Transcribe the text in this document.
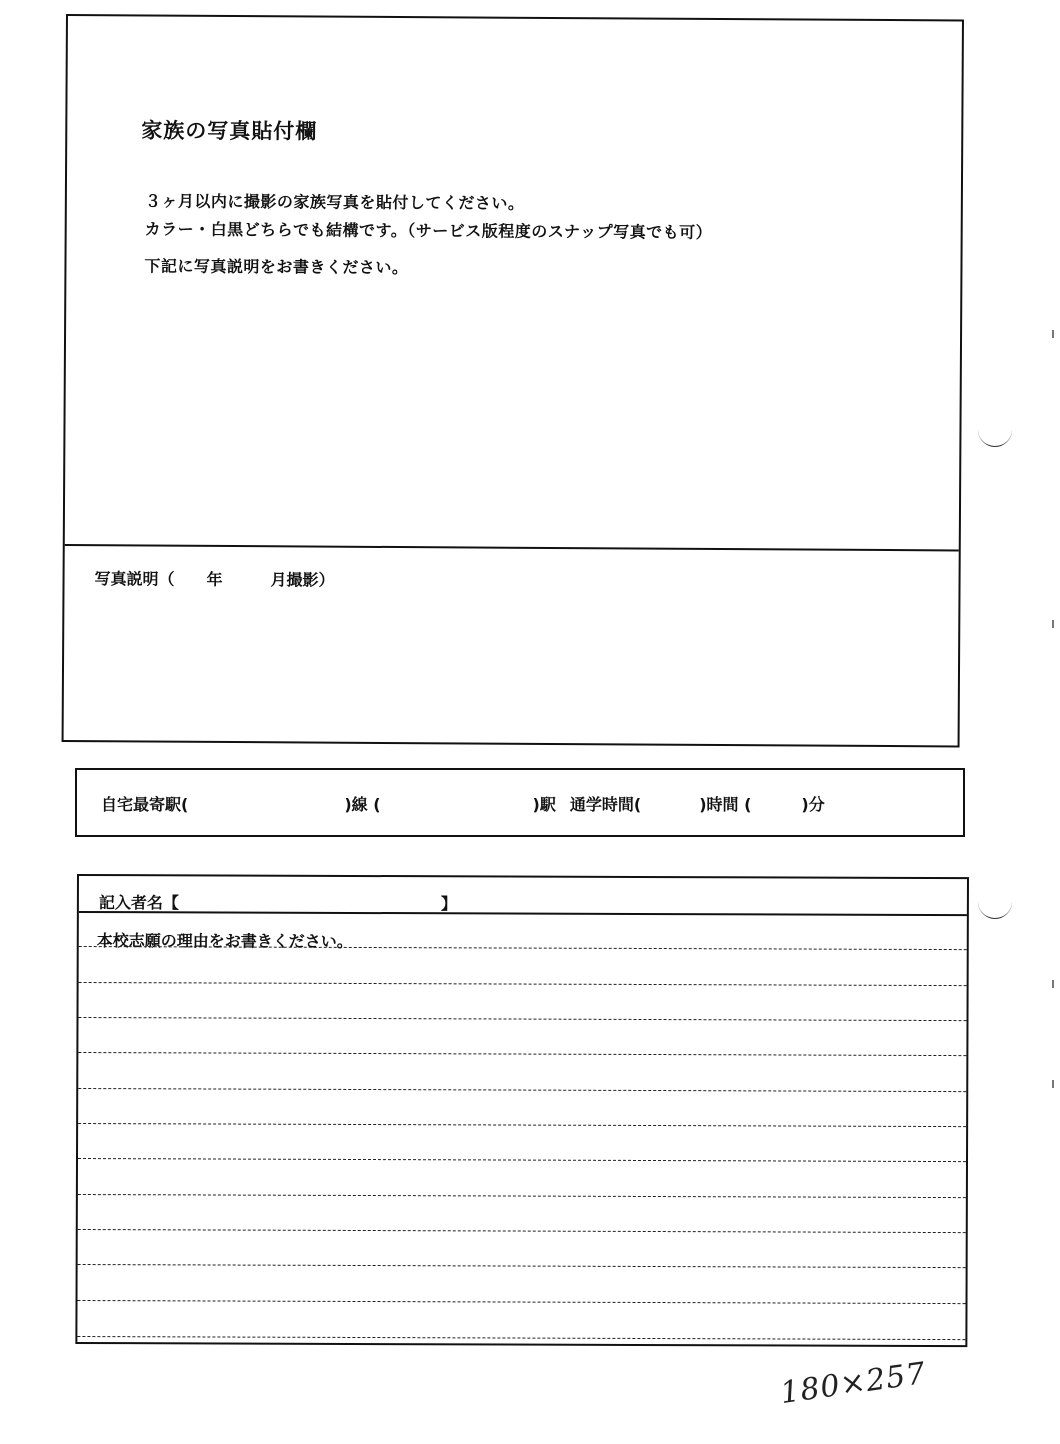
家族の写真貼付欄
３ヶ月以内に撮影の家族写真を貼付してください。
カラー・白黒どちらでも結構です。（サービス版程度のスナップ写真でも可）
下記に写真説明をお書きください。
写真説明（　　年　　　月撮影）
自宅最寄駅(	)線 (	)駅 通学時間(	)時間 (	)分
記入者名【	】
本校志願の理由をお書きください。
180×257
